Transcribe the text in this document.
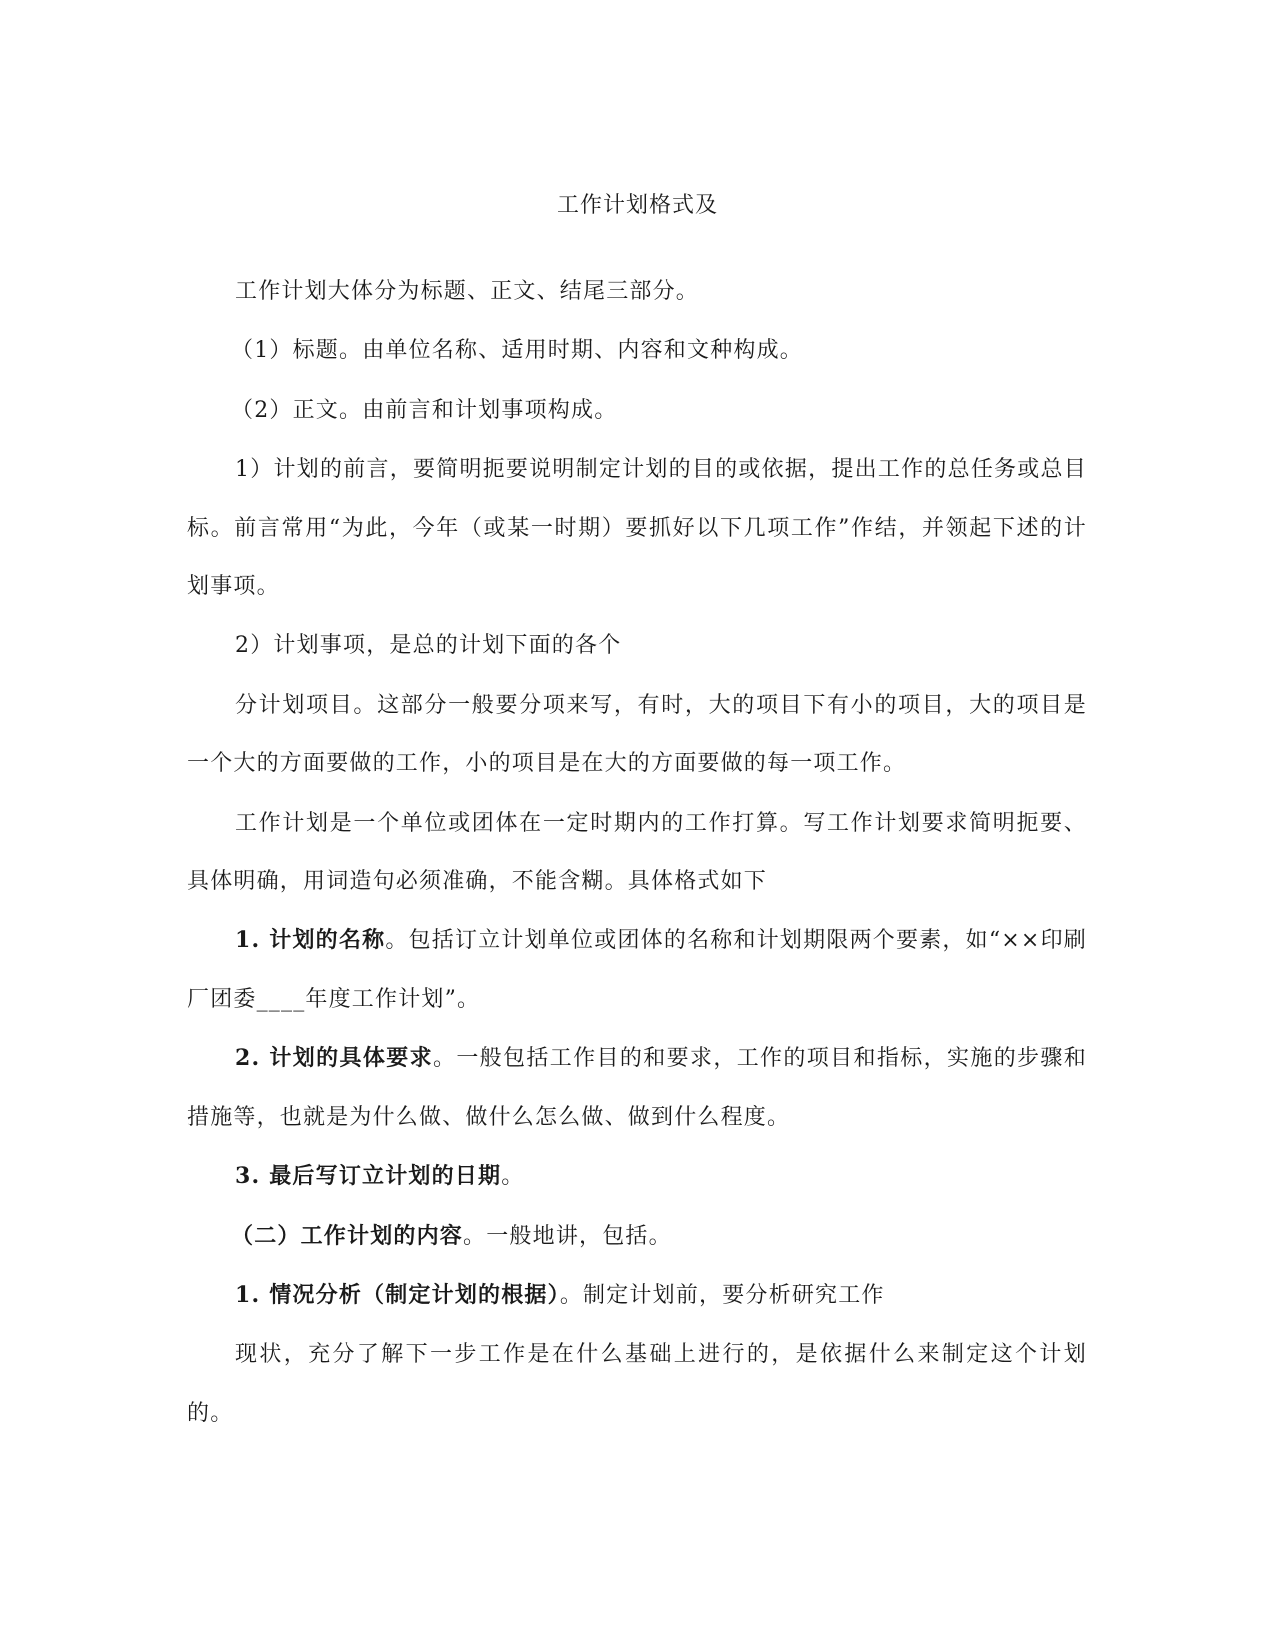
工作计划格式及

工作计划大体分为标题、正文、结尾三部分。

（1）标题。由单位名称、适用时期、内容和文种构成。

（2）正文。由前言和计划事项构成。

1）计划的前言，要简明扼要说明制定计划的目的或依据，提出工作的总任务或总目标。前言常用“为此，今年（或某一时期）要抓好以下几项工作”作结，并领起下述的计划事项。

2）计划事项，是总的计划下面的各个

分计划项目。这部分一般要分项来写，有时，大的项目下有小的项目，大的项目是一个大的方面要做的工作，小的项目是在大的方面要做的每一项工作。

工作计划是一个单位或团体在一定时期内的工作打算。写工作计划要求简明扼要、具体明确，用词造句必须准确，不能含糊。具体格式如下

1. 计划的名称。包括订立计划单位或团体的名称和计划期限两个要素，如“××印刷厂团委____年度工作计划”。

2. 计划的具体要求。一般包括工作目的和要求，工作的项目和指标，实施的步骤和措施等，也就是为什么做、做什么怎么做、做到什么程度。

3. 最后写订立计划的日期。

（二）工作计划的内容。一般地讲，包括。

1. 情况分析（制定计划的根据）。制定计划前，要分析研究工作

现状，充分了解下一步工作是在什么基础上进行的，是依据什么来制定这个计划的。
